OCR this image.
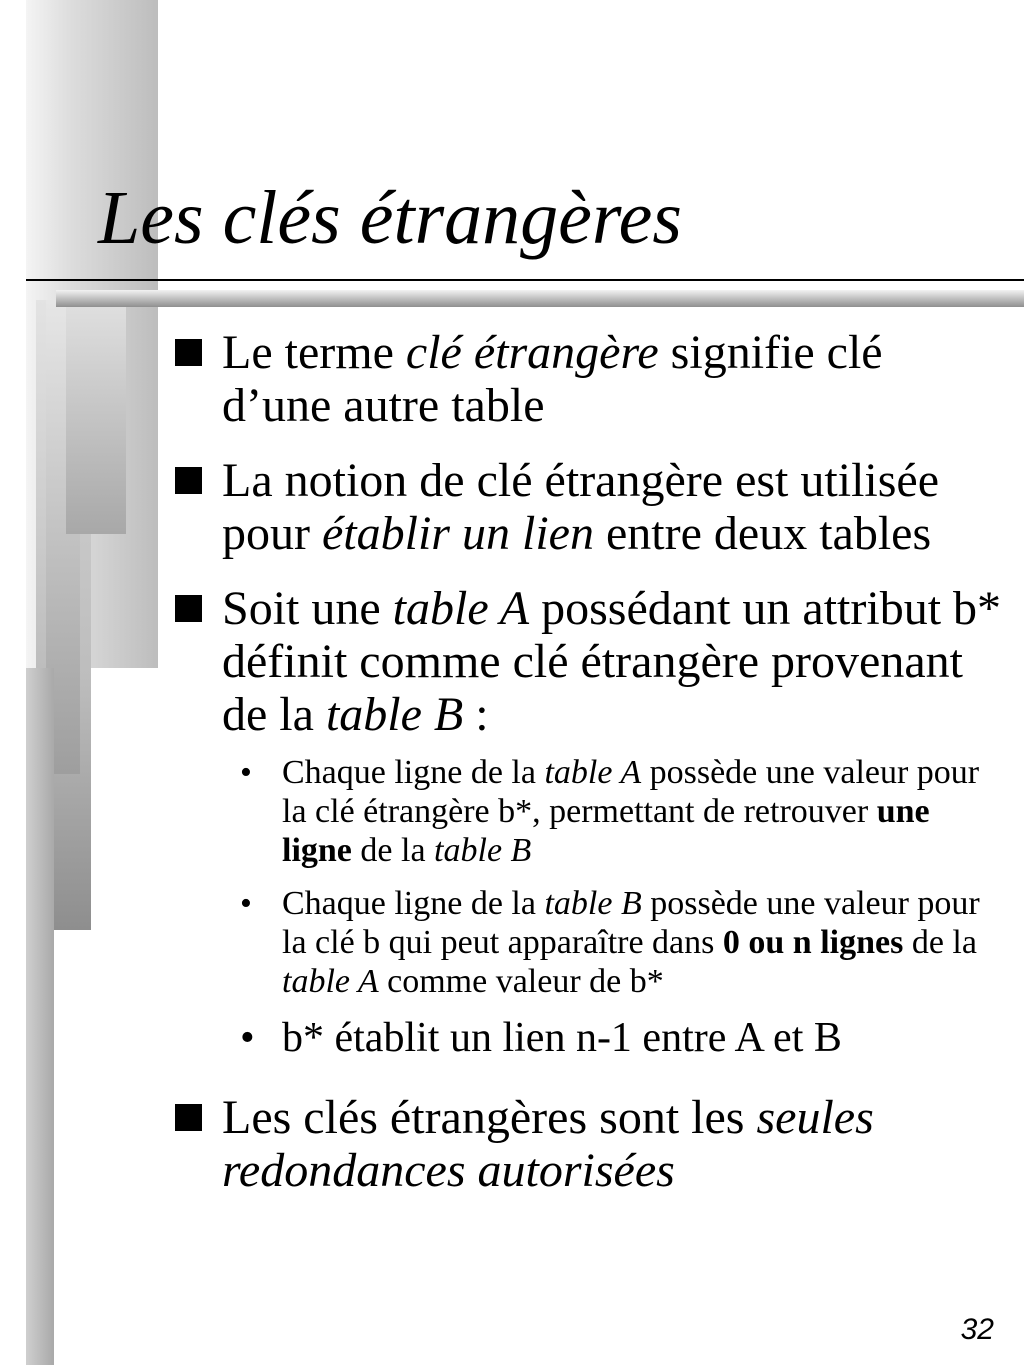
Les clés étrangères
Le terme clé étrangère signifie clé d’une autre table
La notion de clé étrangère est utilisée pour établir un lien entre deux tables
Soit une table A possédant un attribut b* définit comme clé étrangère provenant de la table B :
• Chaque ligne de la table A possède une valeur pour la clé étrangère b*, permettant de retrouver une ligne de la table B
• Chaque ligne de la table B possède une valeur pour la clé b qui peut apparaître dans 0 ou n lignes de la table A comme valeur de b*
• b* établit un lien n-1 entre A et B
Les clés étrangères sont les seules redondances autorisées
32
